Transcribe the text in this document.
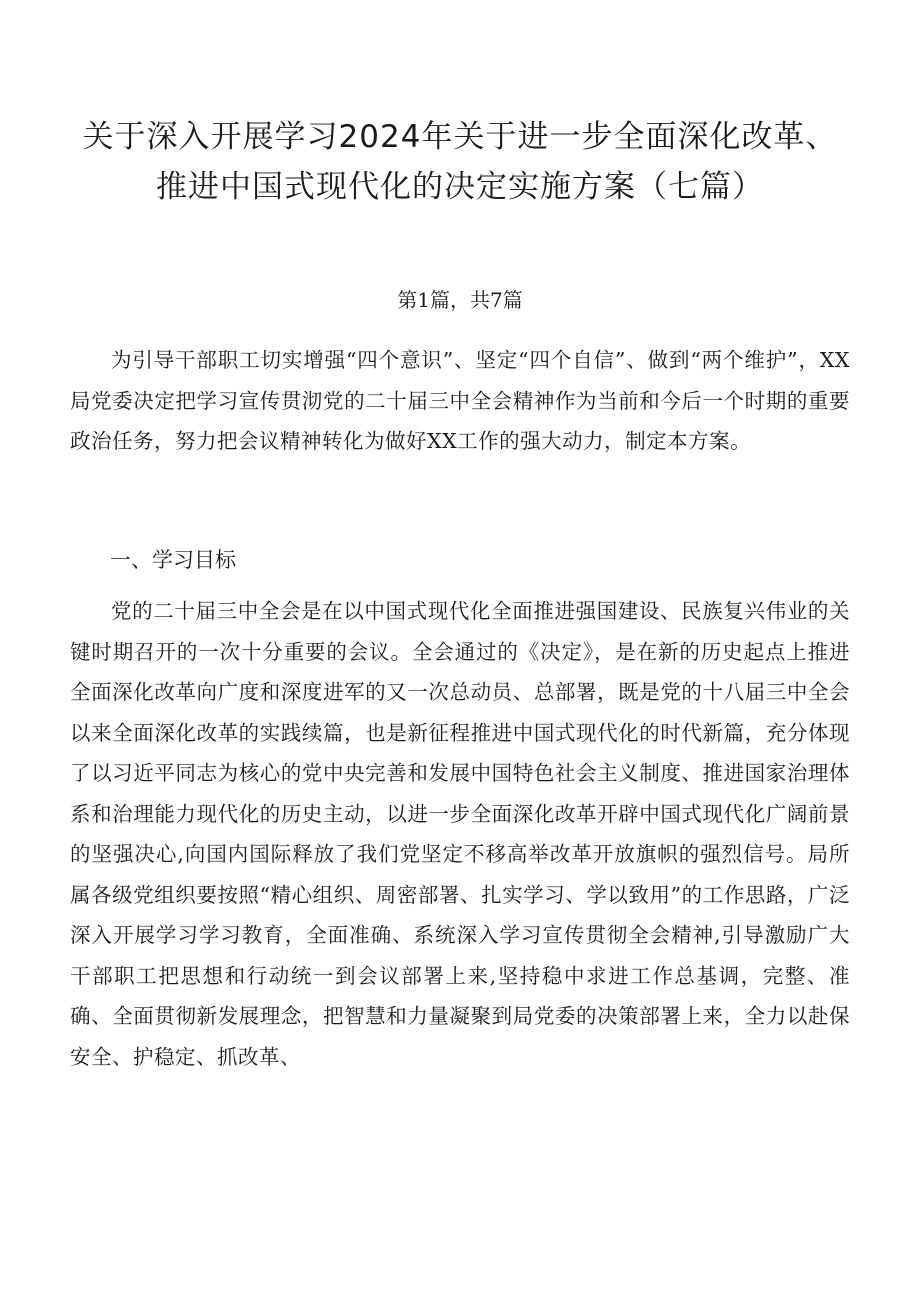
关于深入开展学习2024年关于进一步全面深化改革、推进中国式现代化的决定实施方案（七篇）
第1篇，共7篇

为引导干部职工切实增强“四个意识”、坚定“四个自信”、做到“两个维护”，XX局党委决定把学习宣传贯沏党的二十届三中全会精神作为当前和今后一个时期的重要政治任务，努力把会议精神转化为做好XX工作的强大动力，制定本方案。

一、学习目标

党的二十届三中全会是在以中国式现代化全面推进强国建设、民族复兴伟业的关键时期召开的一次十分重要的会议。全会通过的《决定》，是在新的历史起点上推进全面深化改革向广度和深度进军的又一次总动员、总部署，既是党的十八届三中全会以来全面深化改革的实践续篇，也是新征程推进中国式现代化的时代新篇，充分体现了以习近平同志为核心的党中央完善和发展中国特色社会主义制度、推进国家治理体系和治理能力现代化的历史主动，以进一步全面深化改革开辟中国式现代化广阔前景的坚强决心,向国内国际释放了我们党坚定不移高举改革开放旗帜的强烈信号。局所属各级党组织要按照“精心组织、周密部署、扎实学习、学以致用”的工作思路，广泛深入开展学习学习教育，全面准确、系统深入学习宣传贯彻全会精神,引导激励广大干部职工把思想和行动统一到会议部署上来,坚持稳中求进工作总基调，完整、准确、全面贯彻新发展理念，把智慧和力量凝聚到局党委的决策部署上来，全力以赴保安全、护稳定、抓改革、
